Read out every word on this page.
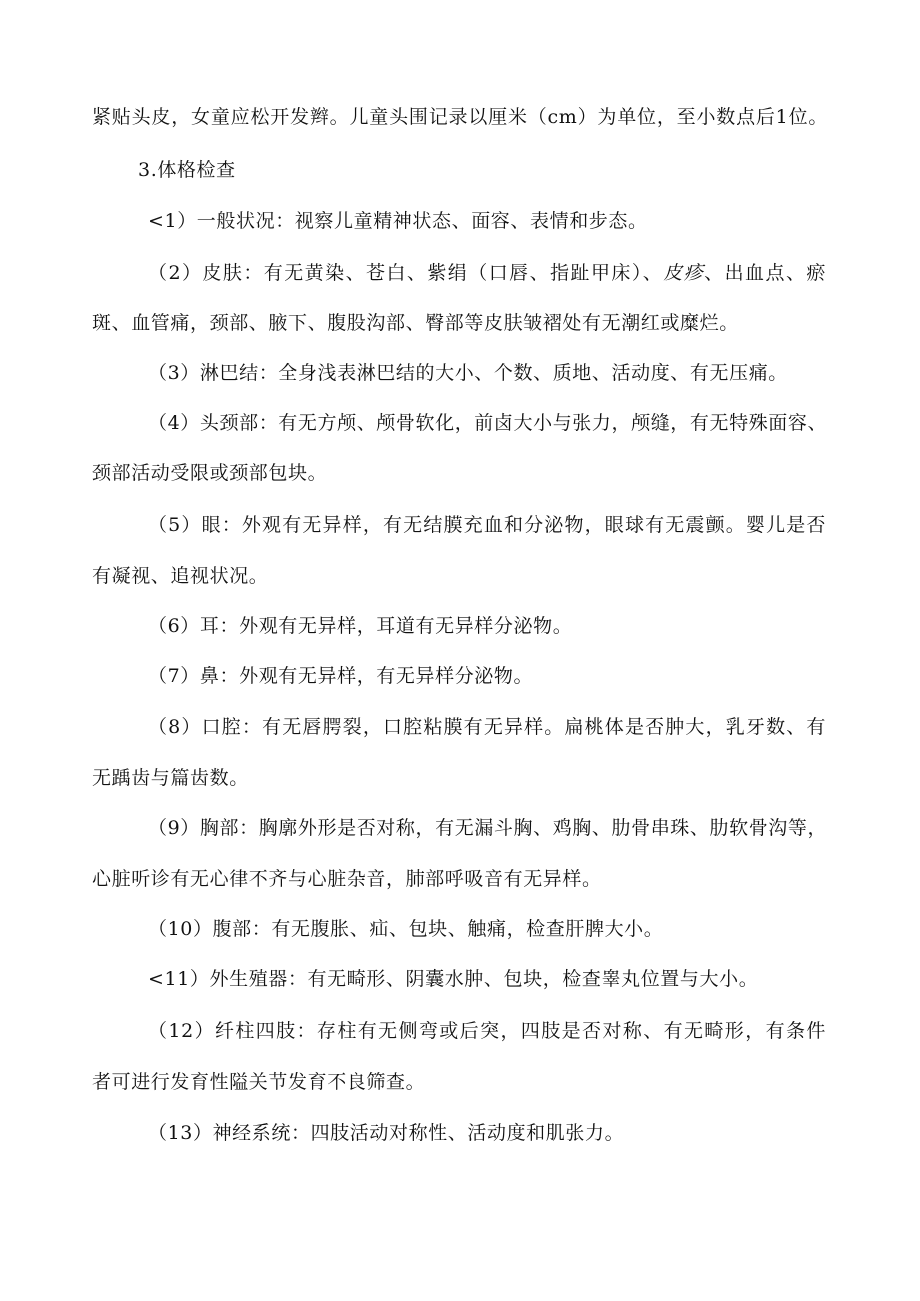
紧贴头皮，女童应松开发辫。儿童头围记录以厘米（cm）为单位，至小数点后1位。

3.体格检查

<1）一般状况：视察儿童精神状态、面容、表情和步态。

（2）皮肤：有无黄染、苍白、紫绢（口唇、指趾甲床）、皮疹、出血点、瘀

斑、血管痛，颈部、腋下、腹股沟部、臀部等皮肤皱褶处有无潮红或糜烂。

（3）淋巴结：全身浅表淋巴结的大小、个数、质地、活动度、有无压痛。

（4）头颈部：有无方颅、颅骨软化，前卤大小与张力，颅缝，有无特殊面容、

颈部活动受限或颈部包块。

（5）眼：外观有无异样，有无结膜充血和分泌物，眼球有无震颤。婴儿是否

有凝视、追视状况。

（6）耳：外观有无异样，耳道有无异样分泌物。

（7）鼻：外观有无异样，有无异样分泌物。

（8）口腔：有无唇腭裂，口腔粘膜有无异样。扁桃体是否肿大，乳牙数、有

无踽齿与篇齿数。

（9）胸部：胸廓外形是否对称，有无漏斗胸、鸡胸、肋骨串珠、肋软骨沟等，

心脏听诊有无心律不齐与心脏杂音，肺部呼吸音有无异样。

（10）腹部：有无腹胀、疝、包块、触痛，检查肝脾大小。

<11）外生殖器：有无畸形、阴囊水肿、包块，检查睾丸位置与大小。

（12）纤柱四肢：存柱有无侧弯或后突，四肢是否对称、有无畸形，有条件

者可进行发育性隘关节发育不良筛查。

（13）神经系统：四肢活动对称性、活动度和肌张力。
